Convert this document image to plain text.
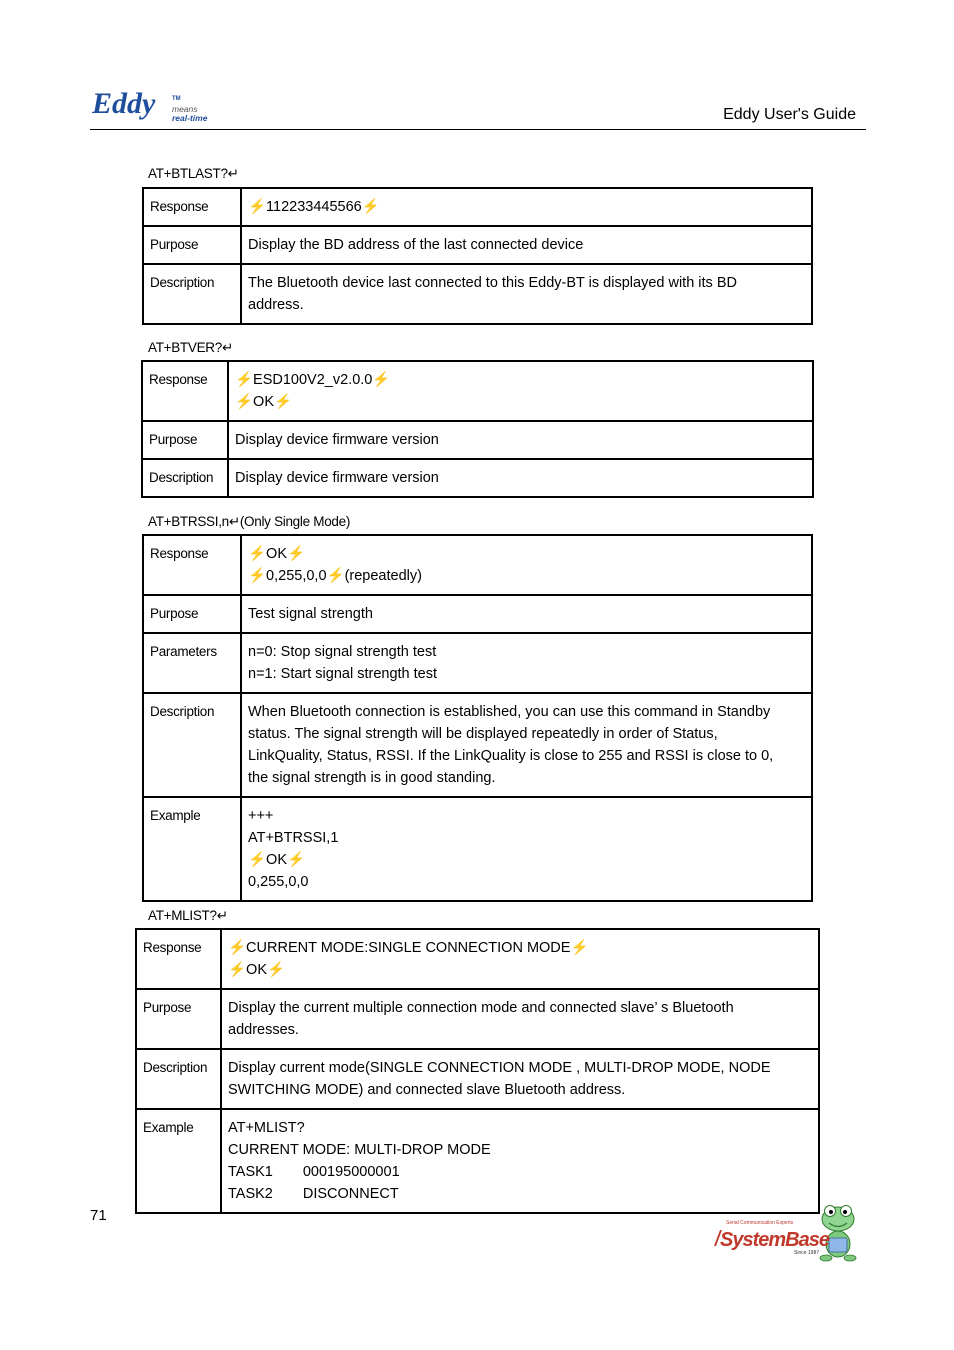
Eddy	TM
means
real-time	Eddy User's Guide
AT+BTLAST?↵
Response	⚡112233445566⚡

Purpose	Display the BD address of the last connected device

Description	The Bluetooth device last connected to this Eddy-BT is displayed with its BD
address.
AT+BTVER?↵
Response	⚡ESD100V2_v2.0.0⚡
⚡OK⚡

Purpose	Display device firmware version

Description	Display device firmware version
AT+BTRSSI,n↵(Only Single Mode)
Response	⚡OK⚡
⚡0,255,0,0⚡(repeatedly)

Purpose	Test signal strength

Parameters	n=0: Stop signal strength test
n=1: Start signal strength test

Description	When Bluetooth connection is established, you can use this command in Standby
status. The signal strength will be displayed repeatedly in order of Status,
LinkQuality, Status, RSSI. If the LinkQuality is close to 255 and RSSI is close to 0,
the signal strength is in good standing.

Example	+++
AT+BTRSSI,1
⚡OK⚡
0,255,0,0
AT+MLIST?↵
Response	⚡CURRENT MODE:SINGLE CONNECTION MODE⚡
⚡OK⚡

Purpose	Display the current multiple connection mode and connected slave’ s Bluetooth
addresses.

Description	Display current mode(SINGLE CONNECTION MODE , MULTI-DROP MODE, NODE
SWITCHING MODE) and connected slave Bluetooth address.

Example	AT+MLIST?
CURRENT MODE: MULTI-DROP MODE
TASK1 000195000001
TASK2 DISCONNECT
71	Serial Communication Experts
SystemBase
Since 1987
